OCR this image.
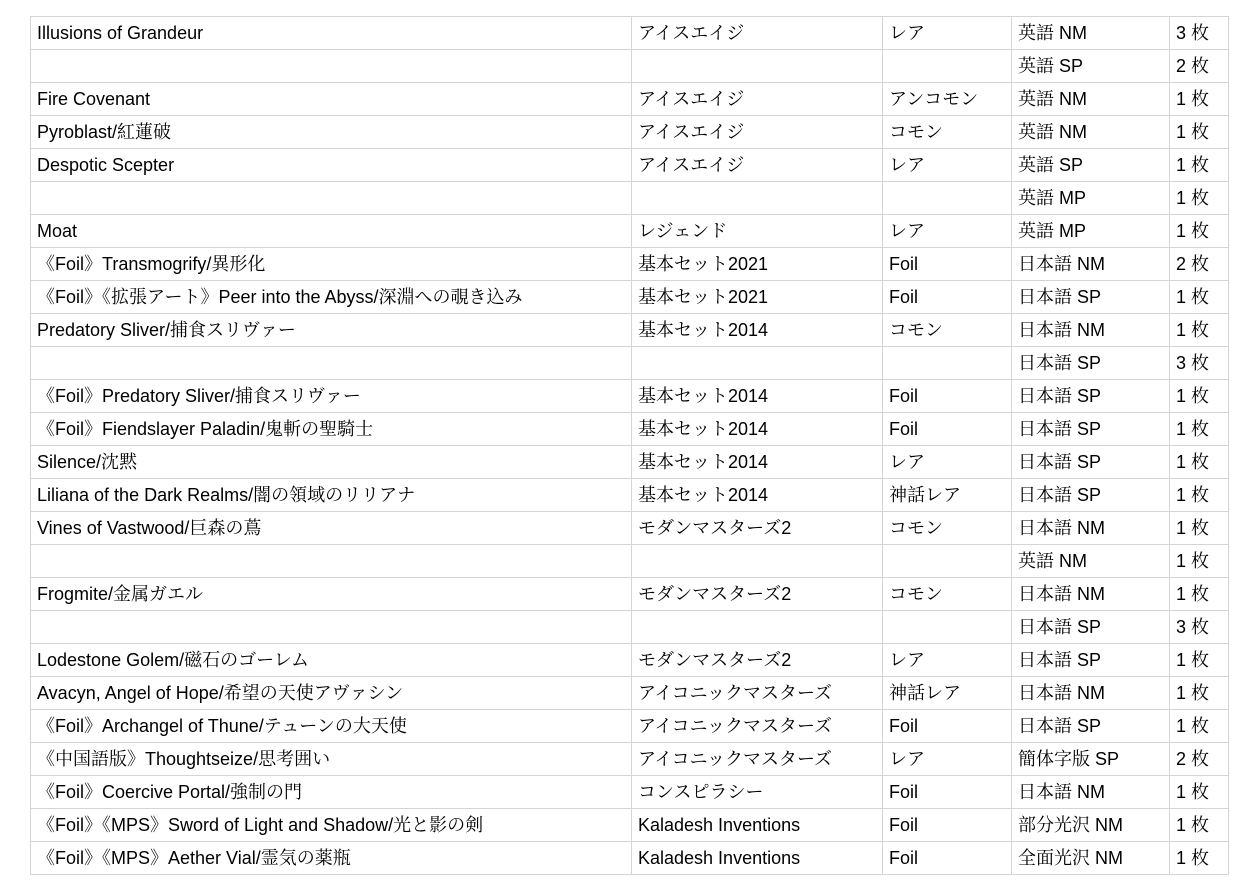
Illusions of Grandeur	アイスエイジ	レア	英語 NM	3 枚
			英語 SP	2 枚
Fire Covenant	アイスエイジ	アンコモン	英語 NM	1 枚
Pyroblast/紅蓮破	アイスエイジ	コモン	英語 NM	1 枚
Despotic Scepter	アイスエイジ	レア	英語 SP	1 枚
			英語 MP	1 枚
Moat	レジェンド	レア	英語 MP	1 枚
《Foil》Transmogrify/異形化	基本セット2021	Foil	日本語 NM	2 枚
《Foil》《拡張アート》Peer into the Abyss/深淵への覗き込み	基本セット2021	Foil	日本語 SP	1 枚
Predatory Sliver/捕食スリヴァー	基本セット2014	コモン	日本語 NM	1 枚
			日本語 SP	3 枚
《Foil》Predatory Sliver/捕食スリヴァー	基本セット2014	Foil	日本語 SP	1 枚
《Foil》Fiendslayer Paladin/鬼斬の聖騎士	基本セット2014	Foil	日本語 SP	1 枚
Silence/沈黙	基本セット2014	レア	日本語 SP	1 枚
Liliana of the Dark Realms/闇の領域のリリアナ	基本セット2014	神話レア	日本語 SP	1 枚
Vines of Vastwood/巨森の蔦	モダンマスターズ2	コモン	日本語 NM	1 枚
			英語 NM	1 枚
Frogmite/金属ガエル	モダンマスターズ2	コモン	日本語 NM	1 枚
			日本語 SP	3 枚
Lodestone Golem/磁石のゴーレム	モダンマスターズ2	レア	日本語 SP	1 枚
Avacyn, Angel of Hope/希望の天使アヴァシン	アイコニックマスターズ	神話レア	日本語 NM	1 枚
《Foil》Archangel of Thune/テューンの大天使	アイコニックマスターズ	Foil	日本語 SP	1 枚
《中国語版》Thoughtseize/思考囲い	アイコニックマスターズ	レア	簡体字版 SP	2 枚
《Foil》Coercive Portal/強制の門	コンスピラシー	Foil	日本語 NM	1 枚
《Foil》《MPS》Sword of Light and Shadow/光と影の剣	Kaladesh Inventions	Foil	部分光沢 NM	1 枚
《Foil》《MPS》Aether Vial/霊気の薬瓶	Kaladesh Inventions	Foil	全面光沢 NM	1 枚
